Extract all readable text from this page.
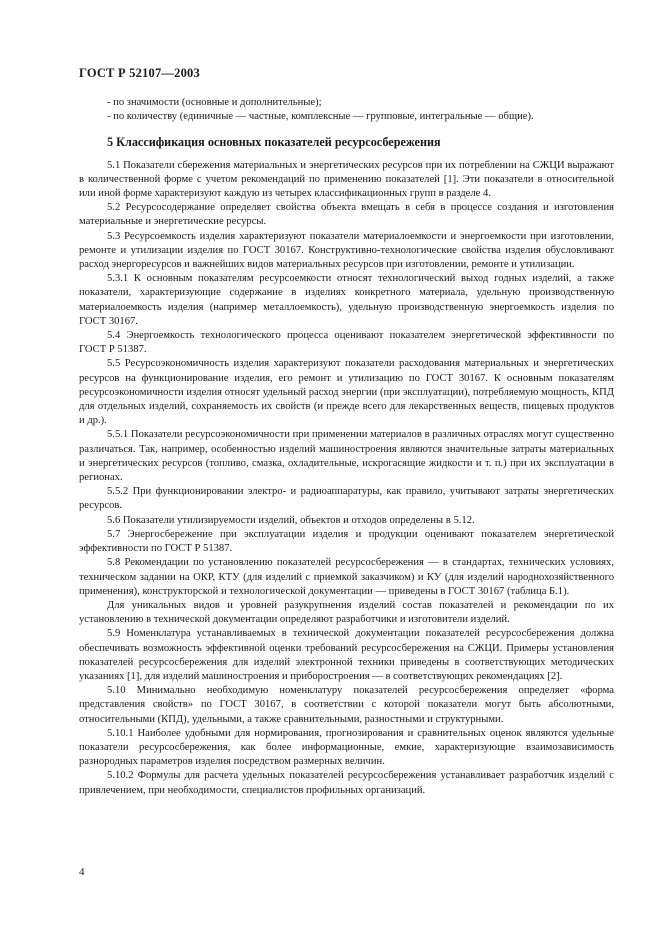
ГОСТ Р 52107—2003

- по значимости (основные и дополнительные);

- по количеству (единичные — частные, комплексные — групповые, интегральные — общие).

5 Классификация основных показателей ресурсосбережения

5.1 Показатели сбережения материальных и энергетических ресурсов при их потреблении на СЖЦИ выражают в количественной форме с учетом рекомендаций по применению показателей [1]. Эти показатели в относительной или иной форме характеризуют каждую из четырех классификационных групп в разделе 4.

5.2 Ресурсосодержание определяет свойства объекта вмещать в себя в процессе создания и изготовления материальные и энергетические ресурсы.

5.3 Ресурсоемкость изделия характеризуют показатели материалоемкости и энергоемкости при изготовлении, ремонте и утилизации изделия по ГОСТ 30167. Конструктивно-технологические свойства изделия обусловливают расход энергоресурсов и важнейших видов материальных ресурсов при изготовлении, ремонте и утилизации.

5.3.1 К основным показателям ресурсоемкости относят технологический выход годных изделий, а также показатели, характеризующие содержание в изделиях конкретного материала, удельную производственную материалоемкость изделия (например металлоемкость), удельную производственную энергоемкость изделия по ГОСТ 30167.

5.4 Энергоемкость технологического процесса оценивают показателем энергетической эффективности по ГОСТ Р 51387.

5.5 Ресурсоэкономичность изделия характеризуют показатели расходования материальных и энергетических ресурсов на функционирование изделия, его ремонт и утилизацию по ГОСТ 30167. К основным показателям ресурсоэкономичности изделия относят удельный расход энергии (при эксплуатации), потребляемую мощность, КПД для отдельных изделий, сохраняемость их свойств (и прежде всего для лекарственных веществ, пищевых продуктов и др.).

5.5.1 Показатели ресурсоэкономичности при применении материалов в различных отраслях могут существенно различаться. Так, например, особенностью изделий машиностроения являются значительные затраты материальных и энергетических ресурсов (топливо, смазка, охладительные, искрогасящие жидкости и т. п.) при их эксплуатации в регионах.

5.5.2 При функционировании электро- и радиоаппаратуры, как правило, учитывают затраты энергетических ресурсов.

5.6 Показатели утилизируемости изделий, объектов и отходов определены в 5.12.

5.7 Энергосбережение при эксплуатации изделия и продукции оценивают показателем энергетической эффективности по ГОСТ Р 51387.

5.8 Рекомендации по установлению показателей ресурсосбережения — в стандартах, технических условиях, техническом задании на ОКР, КТУ (для изделий с приемкой заказчиком) и КУ (для изделий народнохозяйственного применения), конструкторской и технологической документации — приведены в ГОСТ 30167 (таблица Б.1).

Для уникальных видов и уровней разукрупнения изделий состав показателей и рекомендации по их установлению в технической документации определяют разработчики и изготовители изделий.

5.9 Номенклатура устанавливаемых в технической документации показателей ресурсосбережения должна обеспечивать возможность эффективной оценки требований ресурсосбережения на СЖЦИ. Примеры установления показателей ресурсосбережения для изделий электронной техники приведены в соответствующих методических указаниях [1], для изделий машиностроения и приборостроения — в соответствующих рекомендациях [2].

5.10 Минимально необходимую номенклатуру показателей ресурсосбережения определяет «форма представления свойств» по ГОСТ 30167, в соответствии с которой показатели могут быть абсолютными, относительными (КПД), удельными, а также сравнительными, разностными и структурными.

5.10.1 Наиболее удобными для нормирования, прогнозирования и сравнительных оценок являются удельные показатели ресурсосбережения, как более информационные, емкие, характеризующие взаимозависимость разнородных параметров изделия посредством размерных величин.

5.10.2 Формулы для расчета удельных показателей ресурсосбережения устанавливает разработчик изделий с привлечением, при необходимости, специалистов профильных организаций.

4
